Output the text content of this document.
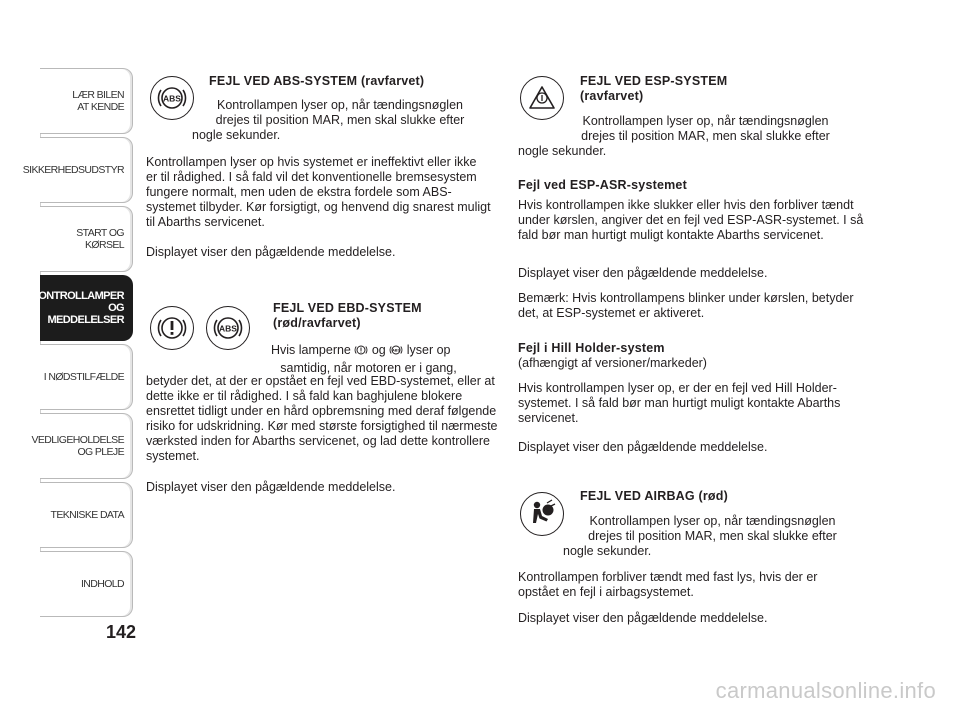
LÆR BILEN
AT KENDE
SIKKERHEDSUDSTYR
START OG KØRSEL
KONTROLLAMPER
OG MEDDELELSER
I NØDSTILFÆLDE
VEDLIGEHOLDELSE
OG PLEJE
TEKNISKE DATA
INDHOLD
142
ABS
FEJL VED ABS-SYSTEM (ravfarvet)
Kontrollampen lyser op, når tændingsnøglen
drejes til position MAR, men skal slukke efter
nogle sekunder.
Kontrollampen lyser op hvis systemet er ineffektivt eller ikke er til rådighed. I så fald vil det konventionelle bremsesystem fungere normalt, men uden de ekstra fordele som ABS-systemet tilbyder. Kør forsigtigt, og henvend dig snarest muligt til Abarths servicenet.
Displayet viser den pågældende meddelelse.
ABS
FEJL VED EBD-SYSTEM
(rød/ravfarvet)
Hvis lamperne og ABS lyser op
samtidig, når motoren er i gang,
betyder det, at der er opstået en fejl ved EBD-systemet, eller at dette ikke er til rådighed. I så fald kan baghjulene blokere ensrettet tidligt under en hård opbremsning med deraf følgende risiko for udskridning. Kør med største forsigtighed til nærmeste værksted inden for Abarths servicenet, og lad dette kontrollere systemet.
Displayet viser den pågældende meddelelse.
FEJL VED ESP-SYSTEM
(ravfarvet)
Kontrollampen lyser op, når tændingsnøglen
drejes til position MAR, men skal slukke efter
nogle sekunder.
Fejl ved ESP-ASR-systemet
Hvis kontrollampen ikke slukker eller hvis den forbliver tændt under kørslen, angiver det en fejl ved ESP-ASR-systemet. I så fald bør man hurtigt muligt kontakte Abarths servicenet.
Displayet viser den pågældende meddelelse.
Bemærk: Hvis kontrollampens blinker under kørslen, betyder det, at ESP-systemet er aktiveret.
Fejl i Hill Holder-system
(afhængigt af versioner/markeder)
Hvis kontrollampen lyser op, er der en fejl ved Hill Holder-systemet. I så fald bør man hurtigt muligt kontakte Abarths servicenet.
Displayet viser den pågældende meddelelse.
FEJL VED AIRBAG (rød)
Kontrollampen lyser op, når tændingsnøglen
drejes til position MAR, men skal slukke efter
nogle sekunder.
Kontrollampen forbliver tændt med fast lys, hvis der er opstået en fejl i airbagsystemet.
Displayet viser den pågældende meddelelse.
carmanualsonline.info
